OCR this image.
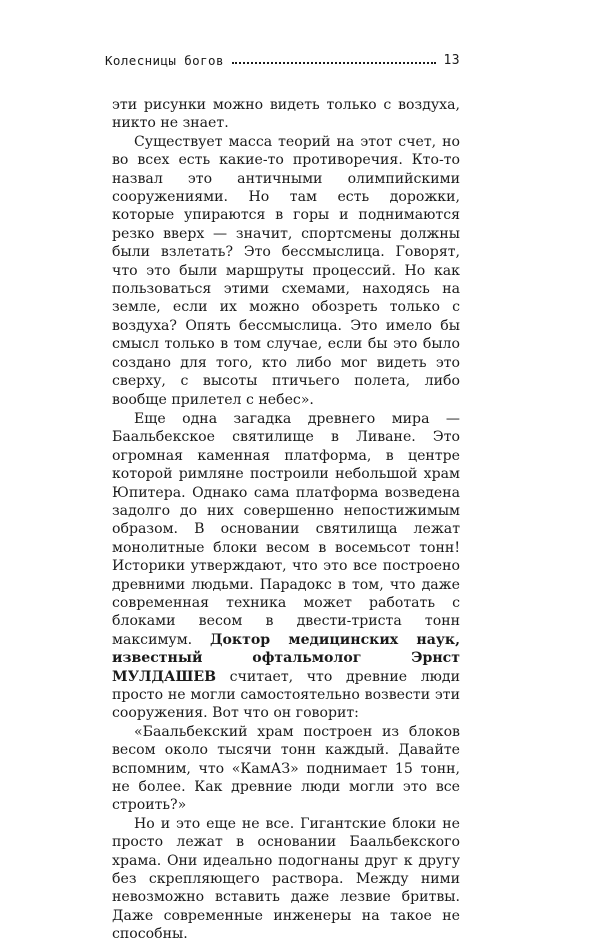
Колесницы богов	13

эти рисунки можно видеть только с воздуха, никто не знает.

Существует масса теорий на этот счет, но во всех есть какие-то противоречия. Кто-то назвал это античными олимпийскими сооружениями. Но там есть дорожки, которые упираются в горы и поднимаются резко вверх — значит, спортсмены должны были взлетать? Это бессмыслица. Говорят, что это были маршруты процессий. Но как пользоваться этими схемами, находясь на земле, если их можно обозреть только с воздуха? Опять бессмыслица. Это имело бы смысл только в том случае, если бы это было создано для того, кто либо мог видеть это сверху, с высоты птичьего полета, либо вообще прилетел с небес».

Еще одна загадка древнего мира — Баальбекское святилище в Ливане. Это огромная каменная платформа, в центре которой римляне построили небольшой храм Юпитера. Однако сама платформа возведена задолго до них совершенно непостижимым образом. В основании святилища лежат монолитные блоки весом в восемьсот тонн! Историки утверждают, что это все построено древними людьми. Парадокс в том, что даже современная техника может работать с блоками весом в двести-триста тонн максимум. Доктор медицинских наук, известный офтальмолог Эрнст МУЛДАШЕВ считает, что древние люди просто не могли самостоятельно возвести эти сооружения. Вот что он говорит:

«Баальбекский храм построен из блоков весом около тысячи тонн каждый. Давайте вспомним, что «КамАЗ» поднимает 15 тонн, не более. Как древние люди могли это все строить?»

Но и это еще не все. Гигантские блоки не просто лежат в основании Баальбекского храма. Они идеально подогнаны друг к другу без скрепляющего раствора. Между ними невозможно вставить даже лезвие бритвы. Даже современные инженеры на такое не способны.
